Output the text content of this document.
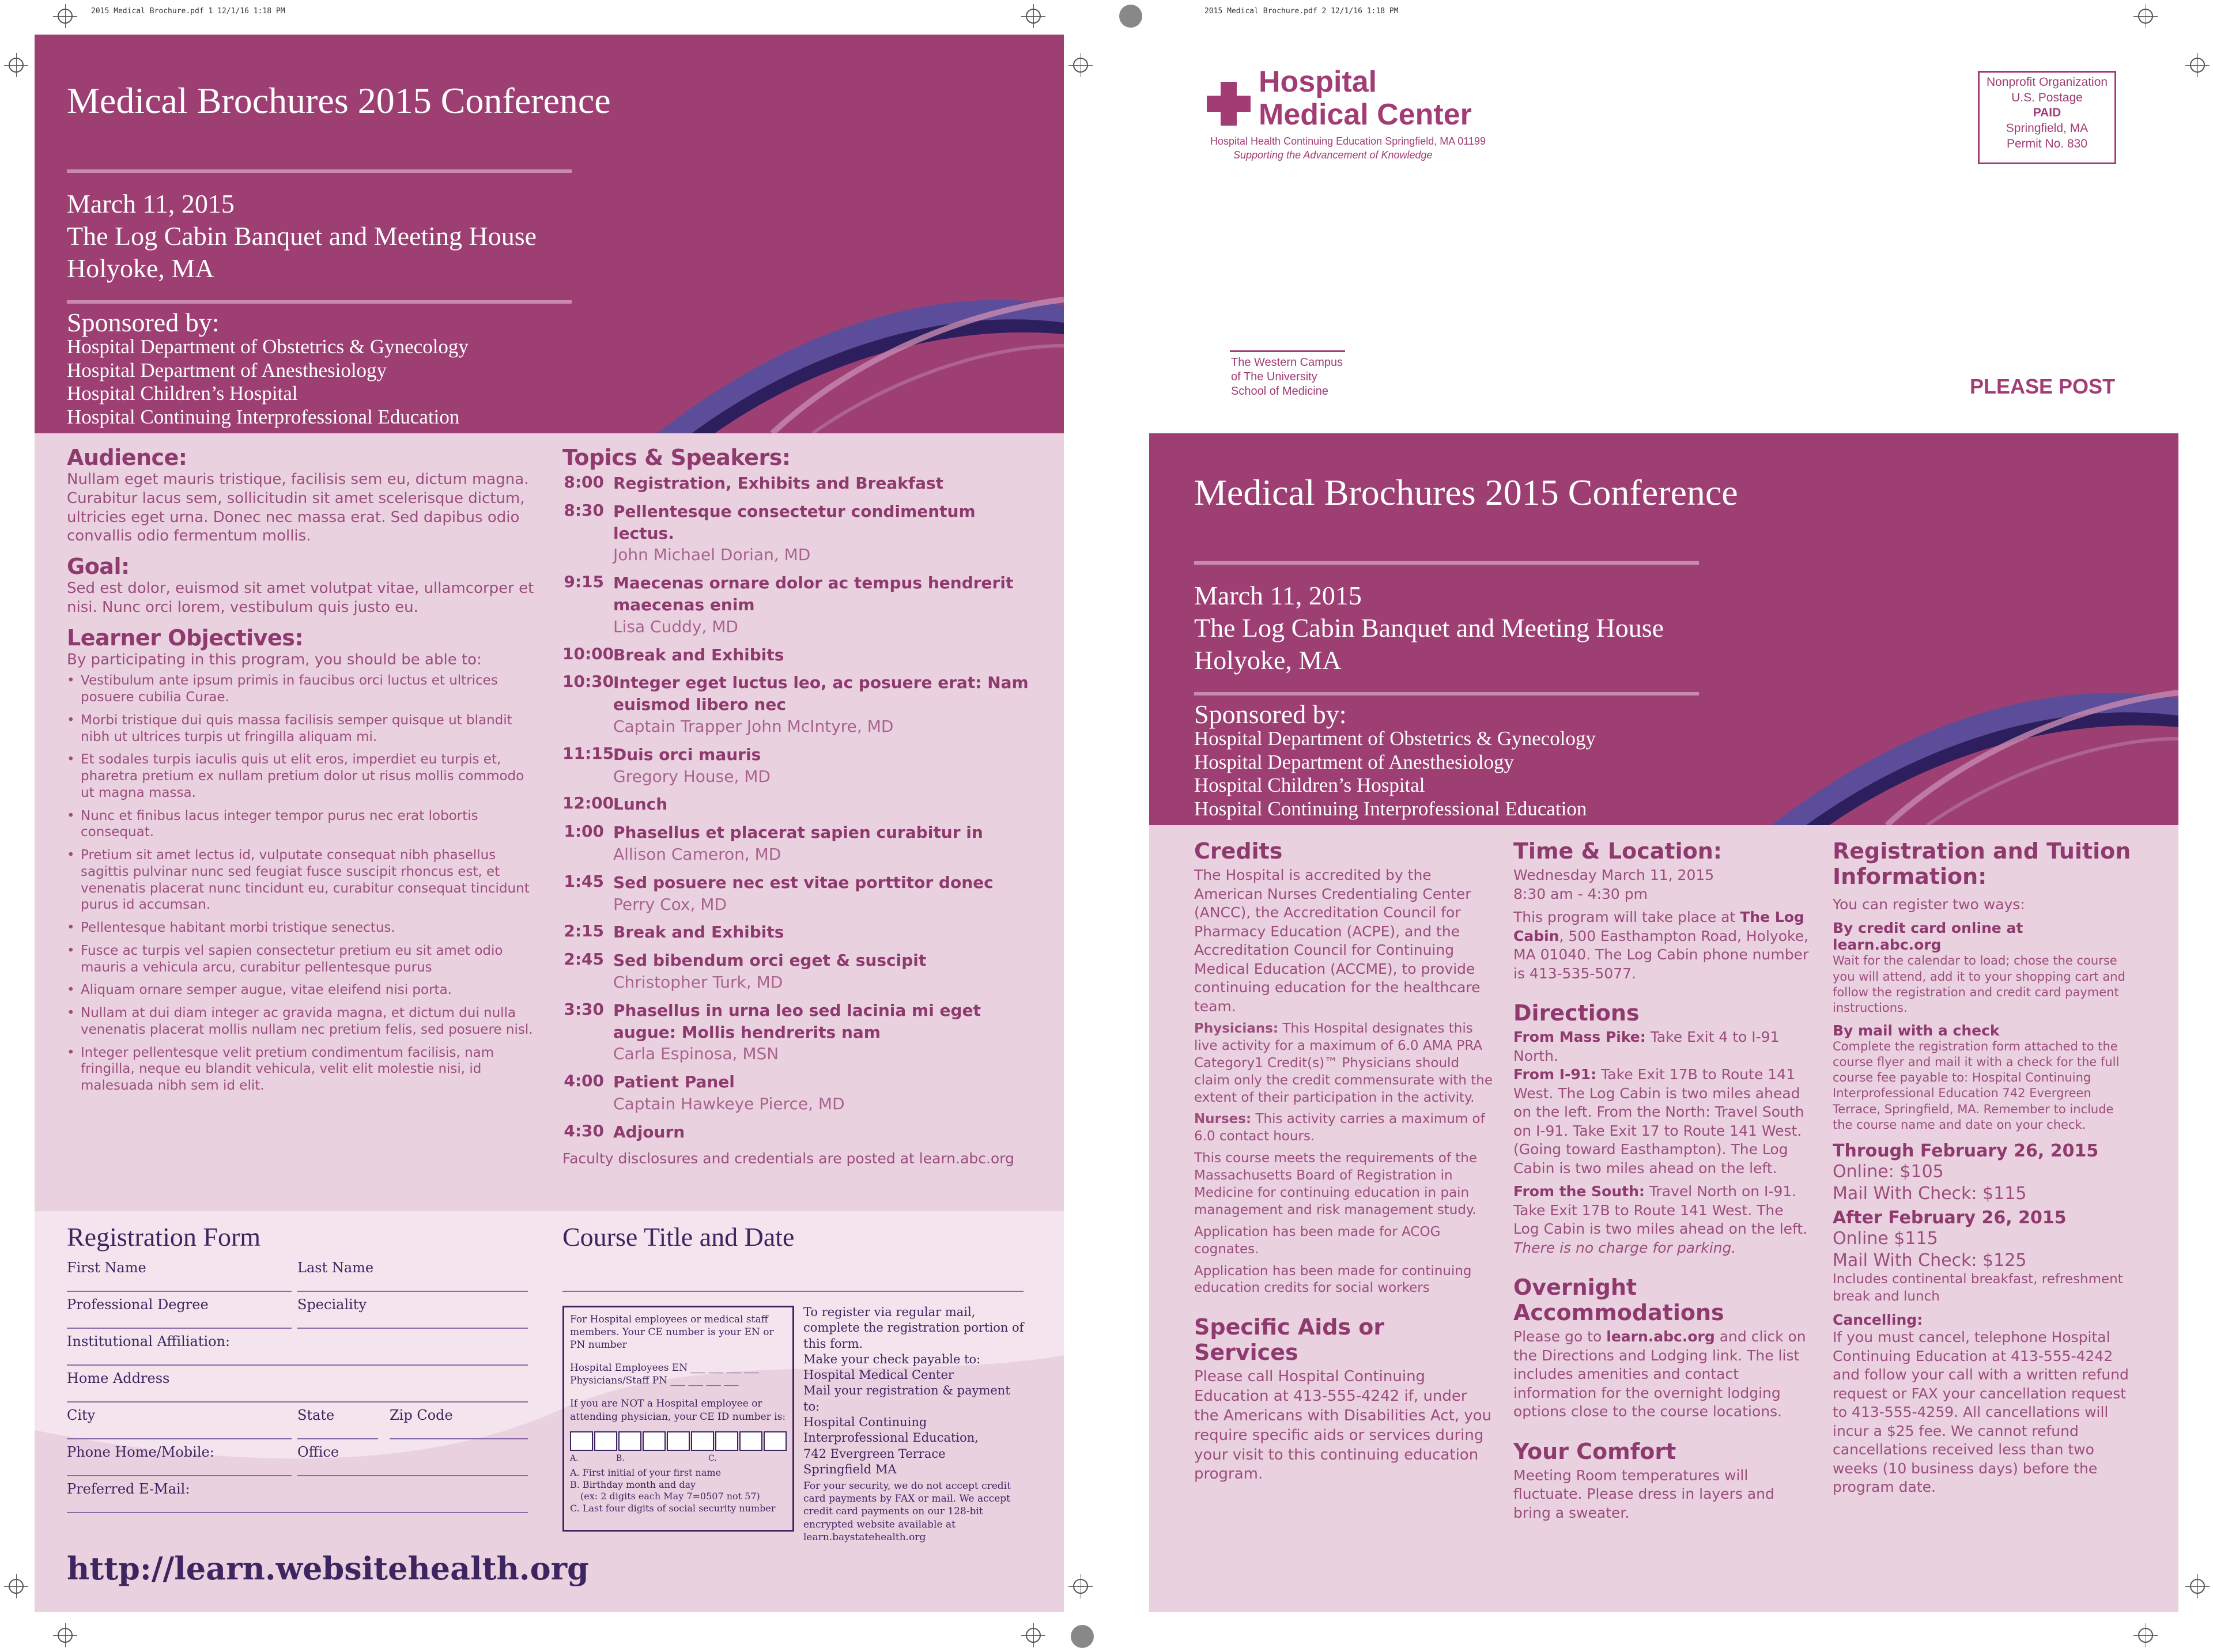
2015 Medical Brochure.pdf 1 12/1/16 1:18 PM	2015 Medical Brochure.pdf 2 12/1/16 1:18 PM
Medical Brochures 2015 Conference
March 11, 2015
The Log Cabin Banquet and Meeting House
Holyoke, MA
Sponsored by:
Hospital Department of Obstetrics & Gynecology
Hospital Department of Anesthesiology
Hospital Children’s Hospital
Hospital Continuing Interprofessional Education
Audience:
Nullam eget mauris tristique, facilisis sem eu, dictum magna. Curabitur lacus sem, sollicitudin sit amet scelerisque dictum, ultricies eget urna. Donec nec massa erat. Sed dapibus odio convallis odio fermentum mollis.
Goal:
Sed est dolor, euismod sit amet volutpat vitae, ullamcorper et nisi. Nunc orci lorem, vestibulum quis justo eu.
Learner Objectives:
By participating in this program, you should be able to:
• Vestibulum ante ipsum primis in faucibus orci luctus et ultrices posuere cubilia Curae.
• Morbi tristique dui quis massa facilisis semper quisque ut blandit nibh ut ultrices turpis ut fringilla aliquam mi.
• Et sodales turpis iaculis quis ut elit eros, imperdiet eu turpis et, pharetra pretium ex nullam pretium dolor ut risus mollis commodo ut magna massa.
• Nunc et finibus lacus integer tempor purus nec erat lobortis consequat.
• Pretium sit amet lectus id, vulputate consequat nibh phasellus sagittis pulvinar nunc sed feugiat fusce suscipit rhoncus est, et venenatis placerat nunc tincidunt eu, curabitur consequat tincidunt purus id accumsan.
• Pellentesque habitant morbi tristique senectus.
• Fusce ac turpis vel sapien consectetur pretium eu sit amet odio mauris a vehicula arcu, curabitur pellentesque purus
• Aliquam ornare semper augue, vitae eleifend nisi porta.
• Nullam at dui diam integer ac gravida magna, et dictum dui nulla venenatis placerat mollis nullam nec pretium felis, sed posuere nisl.
• Integer pellentesque velit pretium condimentum facilisis, nam fringilla, neque eu blandit vehicula, velit elit molestie nisi, id malesuada nibh sem id elit.
Topics & Speakers:
8:00 Registration, Exhibits and Breakfast
8:30 Pellentesque consectetur condimentum lectus.
John Michael Dorian, MD
9:15 Maecenas ornare dolor ac tempus hendrerit maecenas enim
Lisa Cuddy, MD
10:00
Break and Exhibits
10:30
Integer eget luctus leo, ac posuere erat: Nam euismod libero nec
Captain Trapper John McIntyre, MD
11:15
Duis orci mauris
Gregory House, MD
12:00
Lunch
1:00 Phasellus et placerat sapien curabitur in
Allison Cameron, MD
1:45 Sed posuere nec est vitae porttitor donec
Perry Cox, MD
2:15 Break and Exhibits
2:45 Sed bibendum orci eget & suscipit
Christopher Turk, MD
3:30 Phasellus in urna leo sed lacinia mi eget augue: Mollis hendrerits nam
Carla Espinosa, MSN
4:00 Patient Panel
Captain Hawkeye Pierce, MD
4:30 Adjourn
Faculty disclosures and credentials are posted at learn.abc.org
Registration Form
First Name	Last Name
Professional Degree	Speciality
Institutional Affiliation:
Home Address
City	State	Zip Code
Phone Home/Mobile:	Office
Preferred E-Mail:
Course Title and Date
For Hospital employees or medical staff members. Your CE number is your EN or PN number
Hospital Employees EN ___ ___ ___ ___
Physicians/Staff PN ___ ___ ___ ___
If you are NOT a Hospital employee or attending physician, your CE ID number is:
A.	B.	C.
A. First initial of your first name
B. Birthday month and day
(ex: 2 digits each May 7=0507 not 57)
C. Last four digits of social security number
To register via regular mail, complete the registration portion of this form.
Make your check payable to:
Hospital Medical Center
Mail your registration & payment to:
Hospital Continuing
Interprofessional Education,
742 Evergreen Terrace
Springfield MA
For your security, we do not accept credit card payments by FAX or mail. We accept credit card payments on our 128-bit encrypted website available at learn.baystatehealth.org
http://learn.websitehealth.org
Hospital
Medical Center
Hospital Health Continuing Education Springfield, MA 01199
Supporting the Advancement of Knowledge
Nonprofit Organization
U.S. Postage
PAID
Springfield, MA
Permit No. 830
The Western Campus
of The University
School of Medicine	PLEASE POST
Medical Brochures 2015 Conference
March 11, 2015
The Log Cabin Banquet and Meeting House
Holyoke, MA
Sponsored by:
Hospital Department of Obstetrics & Gynecology
Hospital Department of Anesthesiology
Hospital Children’s Hospital
Hospital Continuing Interprofessional Education
Credits
The Hospital is accredited by the American Nurses Credentialing Center (ANCC), the Accreditation Council for Pharmacy Education (ACPE), and the Accreditation Council for Continuing Medical Education (ACCME), to provide continuing education for the healthcare team.
Physicians: This Hospital designates this live activity for a maximum of 6.0 AMA PRA Category1 Credit(s)™ Physicians should claim only the credit commensurate with the extent of their participation in the activity.
Nurses: This activity carries a maximum of 6.0 contact hours.
This course meets the requirements of the Massachusetts Board of Registration in Medicine for continuing education in pain management and risk management study.
Application has been made for ACOG cognates.
Application has been made for continuing education credits for social workers
Specific Aids or Services
Please call Hospital Continuing Education at 413-555-4242 if, under the Americans with Disabilities Act, you require specific aids or services during your visit to this continuing education program.
Time & Location:
Wednesday March 11, 2015
8:30 am - 4:30 pm
This program will take place at The Log Cabin, 500 Easthampton Road, Holyoke, MA 01040. The Log Cabin phone number is 413-535-5077.
Directions
From Mass Pike: Take Exit 4 to I-91 North.
From I-91: Take Exit 17B to Route 141 West. The Log Cabin is two miles ahead on the left. From the North: Travel South on I-91. Take Exit 17 to Route 141 West. (Going toward Easthampton). The Log Cabin is two miles ahead on the left.
From the South: Travel North on I-91. Take Exit 17B to Route 141 West. The Log Cabin is two miles ahead on the left.
There is no charge for parking.
Overnight Accommodations
Please go to learn.abc.org and click on the Directions and Lodging link. The list includes amenities and contact information for the overnight lodging options close to the course locations.
Your Comfort
Meeting Room temperatures will fluctuate. Please dress in layers and bring a sweater.
Registration and Tuition Information:
You can register two ways:
By credit card online at learn.abc.org
Wait for the calendar to load; chose the course you will attend, add it to your shopping cart and follow the registration and credit card payment instructions.
By mail with a check
Complete the registration form attached to the course flyer and mail it with a check for the full course fee payable to: Hospital Continuing Interprofessional Education 742 Evergreen Terrace, Springfield, MA. Remember to include the course name and date on your check.
Through February 26, 2015
Online: $105
Mail With Check: $115
After February 26, 2015
Online $115
Mail With Check: $125
Includes continental breakfast, refreshment break and lunch
Cancelling:
If you must cancel, telephone Hospital Continuing Education at 413-555-4242 and follow your call with a written refund request or FAX your cancellation request to 413-555-4259. All cancellations will incur a $25 fee. We cannot refund cancellations received less than two weeks (10 business days) before the program date.
